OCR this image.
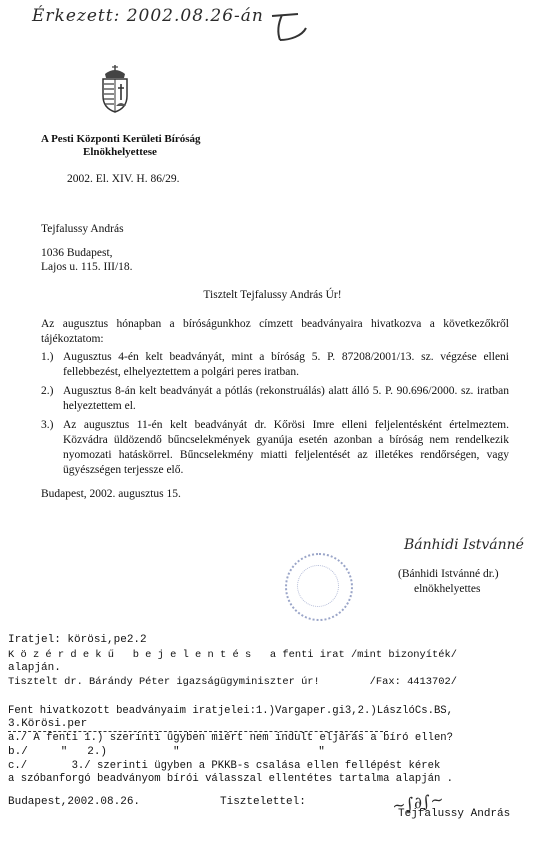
Érkezett: 2002.08.26-án
A Pesti Központi Kerületi Bíróság
Elnökhelyettese
2002. El. XIV. H. 86/29.
Tejfalussy András
1036 Budapest,
Lajos u. 115. III/18.
Tisztelt Tejfalussy András Úr!
Az augusztus hónapban a bíróságunkhoz címzett beadványaira hivatkozva a következőkről tájékoztatom:
1.) Augusztus 4-én kelt beadványát, mint a bíróság 5. P. 87208/2001/13. sz. végzése elleni fellebbezést, elhelyeztettem a polgári peres iratban.
2.) Augusztus 8-án kelt beadványát a pótlás (rekonstruálás) alatt álló 5. P. 90.696/2000. sz. iratban helyeztettem el.
3.) Az augusztus 11-én kelt beadványát dr. Kőrösi Imre elleni feljelentésként értelmeztem. Közvádra üldözendő bűncselekmények gyanúja esetén azonban a bíróság nem rendelkezik nyomozati hatáskörrel. Bűncselekmény miatti feljelentését az illetékes rendőrségen, vagy ügyészségen terjessze elő.
Budapest, 2002. augusztus 15.
Bánhidi Istvánné
(Bánhidi Istvánné dr.)
elnökhelyettes
Iratjel: körösi,pe2.2
K ö z é r d e k ű   b e j e l e n t é s   a fenti irat /mint bizonyíték/
alapján.
Tisztelt dr. Bárándy Péter igazságügyminiszter úr!        /Fax: 4413702/
Fent hivatkozott beadványaim iratjelei:1.)Vargaper.gi3,2.)LászlóCs.BS,
3.Körösi.per
a./ A fenti 1.) szerinti ügyben miért nem indult eljárás a bíró ellen?
b./     "   2.)          "                     "
c./       3./ szerinti ügyben a PKKB-s csalása ellen fellépést kérek
a szóbanforgó beadványom bírói válasszal ellentétes tartalma alapján .
Budapest,2002.08.26.	Tisztelettel:	~∫∂∫~
Tejfalussy András
